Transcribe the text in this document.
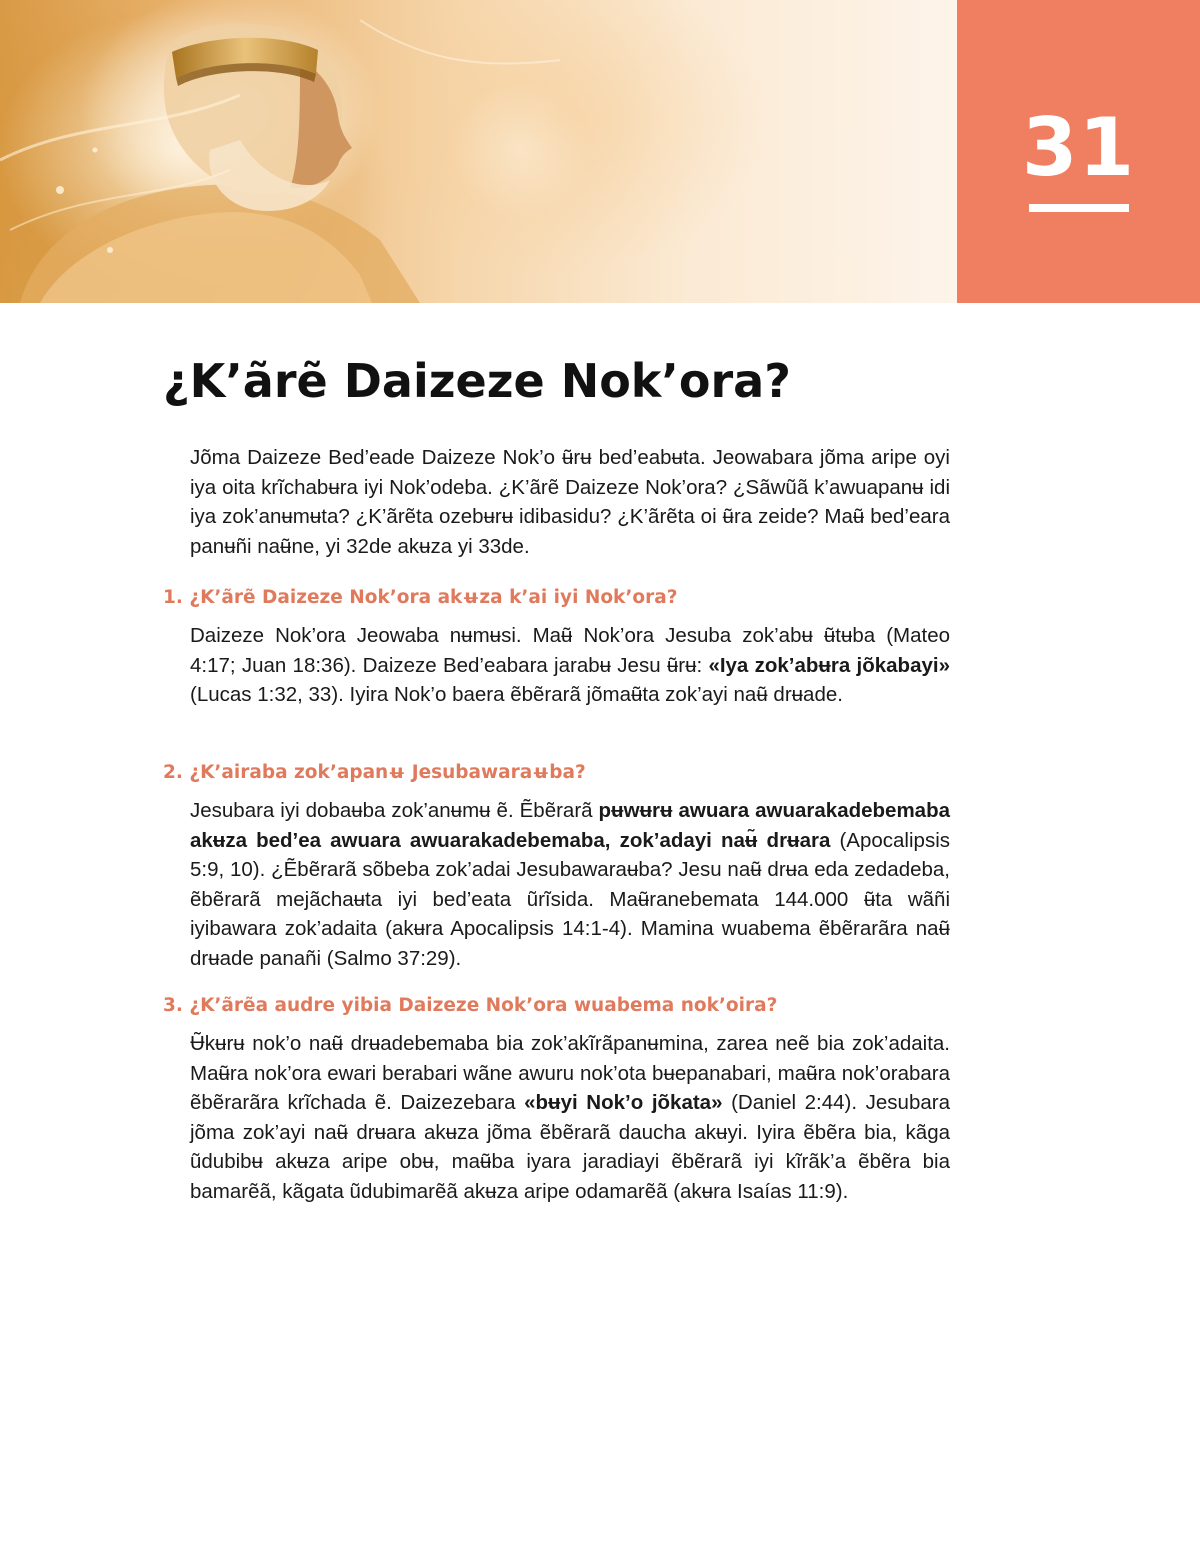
31
¿K’ãrẽ Daizeze Nok’ora?

Jõma Daizeze Bed’eade Daizeze Nok’o ʉ̃rʉ bed’eabʉta. Jeowabara jõma aripe oyi iya oita krĩchabʉra iyi Nok’odeba. ¿K’ãrẽ Daizeze Nok’ora? ¿Sãwũã k’awuapanʉ idi iya zok’anʉmʉta? ¿K’ãrẽta ozebʉrʉ idibasidu? ¿K’ãrẽta oi ʉ̃ra zeide? Maʉ̃ bed’eara panʉñi naʉ̃ne, yi 32de akʉza yi 33de.

1. ¿K’ãrẽ Daizeze Nok’ora akʉza k’ai iyi Nok’ora?

Daizeze Nok’ora Jeowaba nʉmʉsi. Maʉ̃ Nok’ora Jesuba zok’abʉ ʉ̃tʉba (Mateo 4:17; Juan 18:36). Daizeze Bed’eabara jarabʉ Jesu ʉ̃rʉ: «Iya zok’abʉra jõkabayi» (Lucas 1:32, 33). Iyira Nok’o baera ẽbẽrarã jõmaʉ̃ta zok’ayi naʉ̃ drʉade.

2. ¿K’airaba zok’apanʉ Jesubawaraʉba?

Jesubara iyi dobaʉba zok’anʉmʉ ẽ. Ẽbẽrarã pʉwʉrʉ awuara awuarakadebemaba akʉza bed’ea awuara awuarakadebemaba, zok’adayi naʉ̃ drʉara (Apocalipsis 5:9, 10). ¿Ẽbẽrarã sõbeba zok’adai Jesubawaraʉba? Jesu naʉ̃ drʉa eda zedadeba, ẽbẽrarã mejãchaʉta iyi bed’eata ũrĩsida. Maʉ̃ranebemata 144.000 ʉ̃ta wãñi iyibawara zok’adaita (akʉra Apocalipsis 14:1-4). Mamina wuabema ẽbẽrarãra naʉ̃ drʉade panañi (Salmo 37:29).

3. ¿K’ãrẽa audre yibia Daizeze Nok’ora wuabema nok’oira?

Ʉ̃kʉrʉ nok’o naʉ̃ drʉadebemaba bia zok’akĩrãpanʉmina, zarea neẽ bia zok’adaita. Maʉ̃ra nok’ora ewari berabari wãne awuru nok’ota bʉepanabari, maʉ̃ra nok’orabara ẽbẽrarãra krĩchada ẽ. Daizezebara «bʉyi Nok’o jõkata» (Daniel 2:44). Jesubara jõma zok’ayi naʉ̃ drʉara akʉza jõma ẽbẽrarã daucha akʉyi. Iyira ẽbẽra bia, kãga ũdubibʉ akʉza aripe obʉ, maʉ̃ba iyara jaradiayi ẽbẽrarã iyi kĩrãk’a ẽbẽra bia bamarẽã, kãgata ũdubimarẽã akʉza aripe odamarẽã (akʉra Isaías 11:9).
